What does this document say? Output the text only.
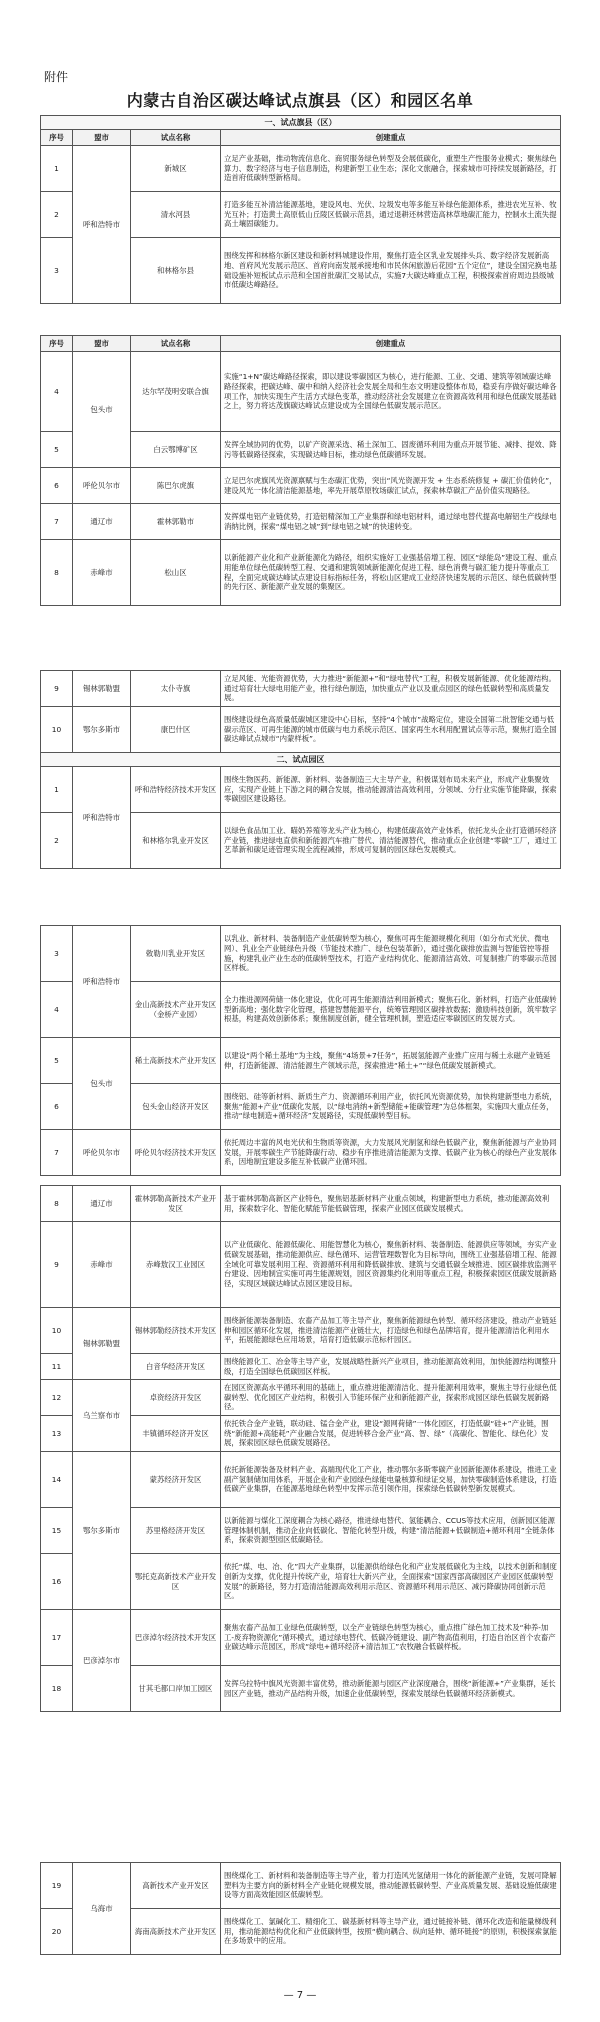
附件
内蒙古自治区碳达峰试点旗县（区）和园区名单
一、试点旗县（区）			
序号	盟市	试点名称	创建重点
1	呼和浩特市	新城区	立足产业基础，推动物流信息化、商贸服务绿色转型及会展低碳化，重塑生产性服务业模式；聚焦绿色算力、数字经济与电子信息制造，构建新型工业生态；深化文旅融合，探索城市可持续发展新路径，打造首府低碳转型新格局。
2		清水河县	打造多能互补清洁能源基地，建设风电、光伏、垃圾发电等多能互补绿色能源体系，推进农光互补、牧光互补；打造黄土高原低山丘陵区低碳示范县，通过退耕还林营造高林草地碳汇能力，控制水土流失提高土壤固碳能力。
3		和林格尔县	围绕发挥和林格尔新区建设和新材料城建设作用，聚焦打造全区乳业发展排头兵、数字经济发展新高地、首府风光发展示范区、首府向南发展承接地和市民休闲旅游后花园“五个定位”，建设全国完换电基础设施补短板试点示范和全国首批碳汇交易试点，实施7大碳达峰重点工程，积极探索首府周边县级城市低碳达峰路径。
序号	盟市	试点名称	创建重点
4	包头市	达尔罕茂明安联合旗	实施“1+N”碳达峰路径探索，即以建设零碳园区为核心，进行能源、工业、交通、建筑等领域碳达峰路径探索，把碳达峰、碳中和纳入经济社会发展全局和生态文明建设整体布局，稳妥有序做好碳达峰各项工作，加快实现生产生活方式绿色变革，推动经济社会发展建立在资源高效利用和绿色低碳发展基础之上，努力将达茂旗碳达峰试点建设成为全国绿色低碳发展示范区。
5		白云鄂博矿区	发挥全域协同的优势，以矿产资源采选、稀土深加工、固废循环利用为重点开展节能、减排、提效、降污等低碳路径探索，实现碳达峰目标，推动绿色低碳循环发展。
6	呼伦贝尔市	陈巴尔虎旗	立足巴尔虎旗风光资源禀赋与生态碳汇优势，突出“风光资源开发 + 生态系统修复 + 碳汇价值转化”，建设风光一体化清洁能源基地，率先开展草原牧场碳汇试点，探索林草碳汇产品价值实现路径。
7	通辽市	霍林郭勒市	发挥煤电铝产业链优势，打造铝精深加工产业集群和绿电铝材料，通过绿电替代提高电解铝生产线绿电消纳比例，探索“煤电铝之城”到“绿电铝之城”的快速转变。
8	赤峰市	松山区	以新能源产业化和产业新能源化为路径，组织实施好工业强基倍增工程、园区“绿能岛”建设工程、重点用能单位绿色低碳转型工程、交通和建筑领域新能源化促进工程、绿色消费与碳汇能力提升等重点工程，全面完成碳达峰试点建设目标指标任务，将松山区建成工业经济快速发展的示范区、绿色低碳转型的先行区、新能源产业发展的集聚区。
9	锡林郭勒盟	太仆寺旗	立足风能、光能资源优势，大力推进“新能源+”和“绿电替代”工程，积极发展新能源、优化能源结构。通过培育壮大绿电用能产业，推行绿色制造，加快重点产业以及重点园区的绿色低碳转型和高质量发展。
10	鄂尔多斯市	康巴什区	围绕建设绿色高质量低碳城区建设中心目标，坚持“4个城市”战略定位，建设全国第二批智能交通与低碳示范区、可再生能源的城市低碳与电力系统示范区、国家再生水利用配置试点等示范，聚焦打造全国碳达峰试点城市“内蒙样板”。
二、试点园区			
1	呼和浩特市	呼和浩特经济技术开发区	围绕生物医药、新能源、新材料、装备制造三大主导产业，积极谋划布局未来产业，形成产业集聚效应，实现产业链上下游之间的耦合发展，推动能源清洁高效利用，分领域、分行业实施节能降碳，探索零碳园区建设路径。
2		和林格尔乳业开发区	以绿色食品加工业、瞄奶养殖等龙头产业为核心，构建低碳高效产业体系，依托龙头企业打造循环经济产业链，推进绿电直供和新能源汽车推广替代、清洁能源替代，推动重点企业创建“零碳”工厂，通过工艺革新和碳足迹管理实现全流程减排，形成可复制的园区绿色发展模式。
3	呼和浩特市	敕勒川乳业开发区	以乳业、新材料、装备制造产业低碳转型为核心，聚焦可再生能源规模化利用（如分布式光伏、微电网）、乳业全产业链绿色升级（节能技术推广、绿色包装革新），通过强化碳排放监测与智能管控等措施，构建乳业产业生态的低碳转型技术，打造产业结构优化、能源清洁高效、可复制推广的零碳示范园区样板。
4		金山高新技术产业开发区（金桥产业园）	全力推进源网荷储一体化建设，优化可再生能源清洁利用新模式；聚焦石化、新材料，打造产业低碳转型新高地；强化数字化管理，搭建智慧能源平台，统筹管理园区碳排放数据；激励科技创新，筑牢数字根基，构建高效创新体系；聚焦制度创新，健全管理机制，塑造适应零碳园区的发展方式。
5	包头市	稀土高新技术产业开发区	以建设“两个稀土基地”为主线，聚焦“4场景+7任务”，拓展氢能源产业推广应用与稀土永磁产业链延伸，打造新能源、清洁能源生产领域示范，探索推进“稀土+”“绿色低碳发展新模式。
6		包头金山经济开发区	围绕铝、硅等新材料、新质生产力、资源循环利用产业，依托风光资源优势，加快构建新型电力系统，聚焦“能源+产业”低碳化发展，以“绿电消纳+新型储能+能碳管理”为总体框架，实施四大重点任务，推动“绿电制造+循环经济”发展路径，实现低碳转型目标。
7	呼伦贝尔市	呼伦贝尔经济技术开发区	依托周边丰富的风电光伏和生物质等资源，大力发展风光制氢和绿色低碳产业，聚焦新能源与产业协同发展，开展零碳生产节能降碳行动、稳步有序推进清洁能源为支撑、低碳产业为核心的绿色产业发展体系，因地制宜建设多能互补低碳产业循环园。
8	通辽市	霍林郭勒高新技术产业开发区	基于霍林郭勒高新区产业特色，聚焦铝基新材料产业重点领域，构建新型电力系统，推动能源高效利用，探索数字化、智能化赋能节能低碳管理，探索产业园区低碳发展模式。
9	赤峰市	赤峰敖汉工业园区	以产业低碳化、能源低碳化、用能智慧化为核心，聚焦新材料、装备制造、能源供应等领域，夯实产业低碳发展基础，推动能源供应、绿色循环、运营管理数智化为目标导向，围绕工业强基倍增工程、能源全域化可靠发展利用工程、资源循环利用和降低碳排放、建筑与交通低碳全域推进、园区碳排放监测平台建设、因地制宜实施可再生能源规划，园区资源集约化利用等重点工程，积极探索园区低碳发展新路径，实现区域碳达峰试点园区建设目标。
10	锡林郭勒盟	锡林郭勒经济技术开发区	围绕新能源装备制造、农畜产品加工等主导产业，聚焦新能源绿色转型、循环经济建设，推动产业链延伸和园区循环化发展，推进清洁能源产业链壮大，打造绿色和绿色品牌培育，提升能源清洁化利用水平，拓展能源绿色应用场景，培育打造低碳示范标杆园区。
11		白音华经济开发区	围绕能源化工、冶金等主导产业，发展战略性新兴产业项目，推动能源高效利用，加快能源结构调整升级，打造全国绿色低碳园区样板。
12	乌兰察布市	卓资经济开发区	在园区资源高水平循环利用的基础上，重点推进能源清洁化、提升能源利用效率，聚焦主导行业绿色低碳转型、优化园区产业结构，积极引入节能环保产业和新能源产业，探索形成园区绿色低碳发展新路径。
13		丰镇循环经济开发区	依托铁合金产业链，联动硅、锰合金产业，建设“源网荷储”一体化园区，打造低碳“硅+”产业链，围绕“新能源+高能耗”产业融合发展，促进转移合金产业“高、智、绿”（高碳化、智能化、绿色化）发展，探索园区绿色低碳发展路径。
14	鄂尔多斯市	蒙苏经济开发区	依托新能源装备及材料产业、高端现代化工产业，推动鄂尔多斯零碳产业园新能源体系建设，推进工业副产氢制储加用体系，开展企业和产业园绿色绿能电量核算和绿证交易，加快零碳制造体系建设，打造低碳产业集群，在能源基地绿色转型中发挥示范引领作用，探索绿色低碳转型新发展模式。
15		苏里格经济开发区	以新能源与煤化工深度耦合为核心路径，推进绿电替代、氢能耦合、CCUS等技术应用，创新园区能源管理体制机制，推动企业向低碳化、智能化转型升级，构建“清洁能源+低碳制造+循环利用”全链条体系，探索资源型园区低碳路径。
16		鄂托克高新技术产业开发区	依托“煤、电、冶、化”四大产业集群，以能源供给绿色化和产业发展低碳化为主线，以技术创新和制度创新为支撑，优化提升传统产业，培育壮大新兴产业，全面探索“国家西部高碳园区产业园区低碳转型发展”的新路径，努力打造清洁能源高效利用示范区、资源循环利用示范区、减污降碳协同创新示范区。
17	巴彦淖尔市	巴彦淖尔经济技术开发区	聚焦农畜产品加工业绿色低碳转型，以全产业链绿色转型为核心，重点推广绿色加工技术及“种养-加工-废弃物资源化”循环模式，通过绿电替代、低碳冷链建设、副产物高值利用，打造自治区首个农畜产业碳达峰示范园区，形成“绿电+循环经济+清洁加工”农牧融合低碳样板。
18		甘其毛都口岸加工园区	发挥乌拉特中旗风光资源丰富优势，推动新能源与园区产业深度融合，围绕“新能源+”产业集群，延长园区产业链，推动产品结构升级，加速企业低碳转型，探索发展绿色低碳循环经济新模式。
19	乌海市	高新技术产业开发区	围绕煤化工、新材料和装备制造等主导产业，着力打造风光氢储用一体化的新能源产业链，发展可降解塑料为主要方向的新材料全产业链化规模发展，推动能源低碳转型、产业高质量发展、基础设施低碳建设等方面高效能园区低碳转型。
20		海南高新技术产业开发区	围绕煤化工、氯碱化工、精细化工、碳基新材料等主导产业，通过链接补链、循环化改造和能量梯级利用，推动能源结构优化和产业低碳转型，按照“横向耦合、纵向延伸、循环链接”的原则，积极探索氯能在多场景中的应用。
— 7 —
